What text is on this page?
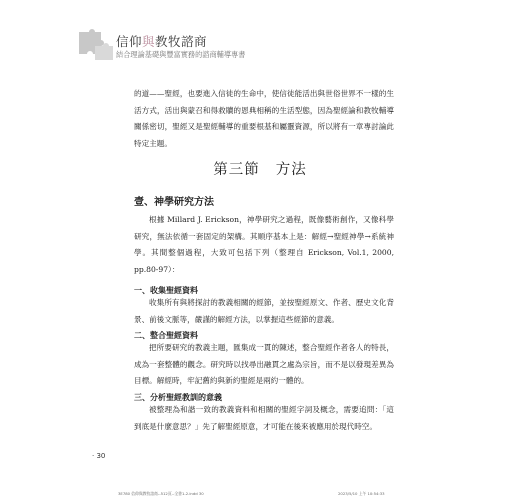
信仰與教牧諮商
結合理論基礎與豐富實務的諮商輔導專書

的道——聖經，也要進入信徒的生命中，使信徒能活出與世俗世界不一樣的生活方式，活出與蒙召和得救贖的恩典相稱的生活型態，因為聖經論和教牧輔導關係密切，聖經又是聖經輔導的重要根基和屬靈資源，所以將有一章專討論此特定主題。

第三節 方法
壹、神學研究方法

根據 Millard J. Erickson，神學研究之過程，既像藝術創作，又像科學研究，無法依循一套固定的架構。其順序基本上是：解經→聖經神學→系統神學。其間整個過程，大致可包括下列（整理自 Erickson, Vol.1, 2000, pp.80-97）：

一、收集聖經資料

收集所有與將探討的教義相關的經節，並按聖經原文、作者、歷史文化背景、前後文脈等，嚴謹的解經方法，以掌握這些經節的意義。

二、整合聖經資料

把所要研究的教義主題，匯集成一貫的陳述，整合聖經作者各人的特長，成為一套整體的觀念。研究時以找尋出融貫之處為宗旨，而不是以發現差異為目標。解經時，牢記舊約與新約聖經是兩約一體的。

三、分析聖經教訓的意義

被整理為和諧一致的教義資料和相關的聖經字詞及概念，需要追問：「這到底是什麼意思？」先了解聖經原意，才可能在後來被應用於現代時空。

· 30
3E780 信仰與教牧諮商--512頁--全書1-2.indd 30	2023/5/10 上午 10:54:33
